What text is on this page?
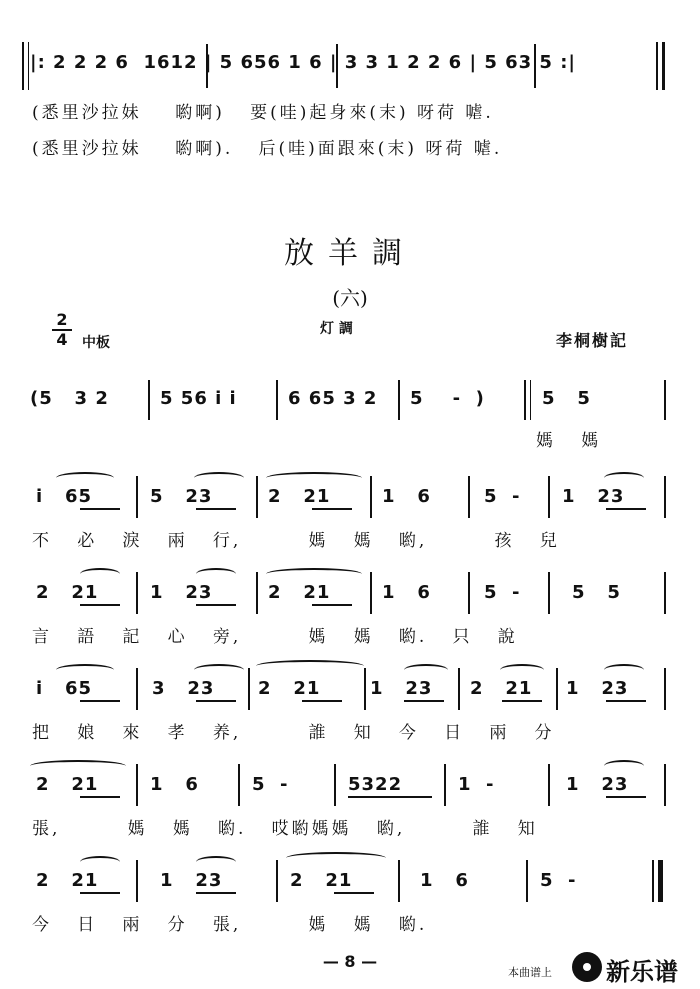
|: 2 2 2 6  1612 | 5 656 1 6 | 3 3 1 2 2 6 | 5 63 5 :|
(悉里沙拉妹    喲啊)   要(哇)起身來(末) 呀荷 㖸.
(悉里沙拉妹    喲啊).   后(哇)面跟來(末) 呀荷 㖸.
放羊調
(六)
2
4	中板
灯 調
李桐樹記
(5   3 2	5 56 i i	6 65 3 2 5    -  )	5   5
媽   媽
i   65	5   23	2   21	1   6	5  - 1   23
不   必   淚   兩   行,        媽   媽   喲,        孩   兒
2   21	1   23	2   21	1   6	5  -	5   5
言   語   記   心   旁,        媽   媽   喲.   只   說
i   65	3   23 2   21	1   23 2   21 1   23
把   娘   來   孝   养,        誰   知   今   日   兩   分
2   21	1   6	5  -	5322	1  -	1   23
張,        媽   媽   喲.   哎喲媽媽   喲,        誰   知
2   21	1   23	2   21	1   6	5  -
今   日   兩   分   張,        媽   媽   喲.
— 8 —
本曲谱上 新乐谱
